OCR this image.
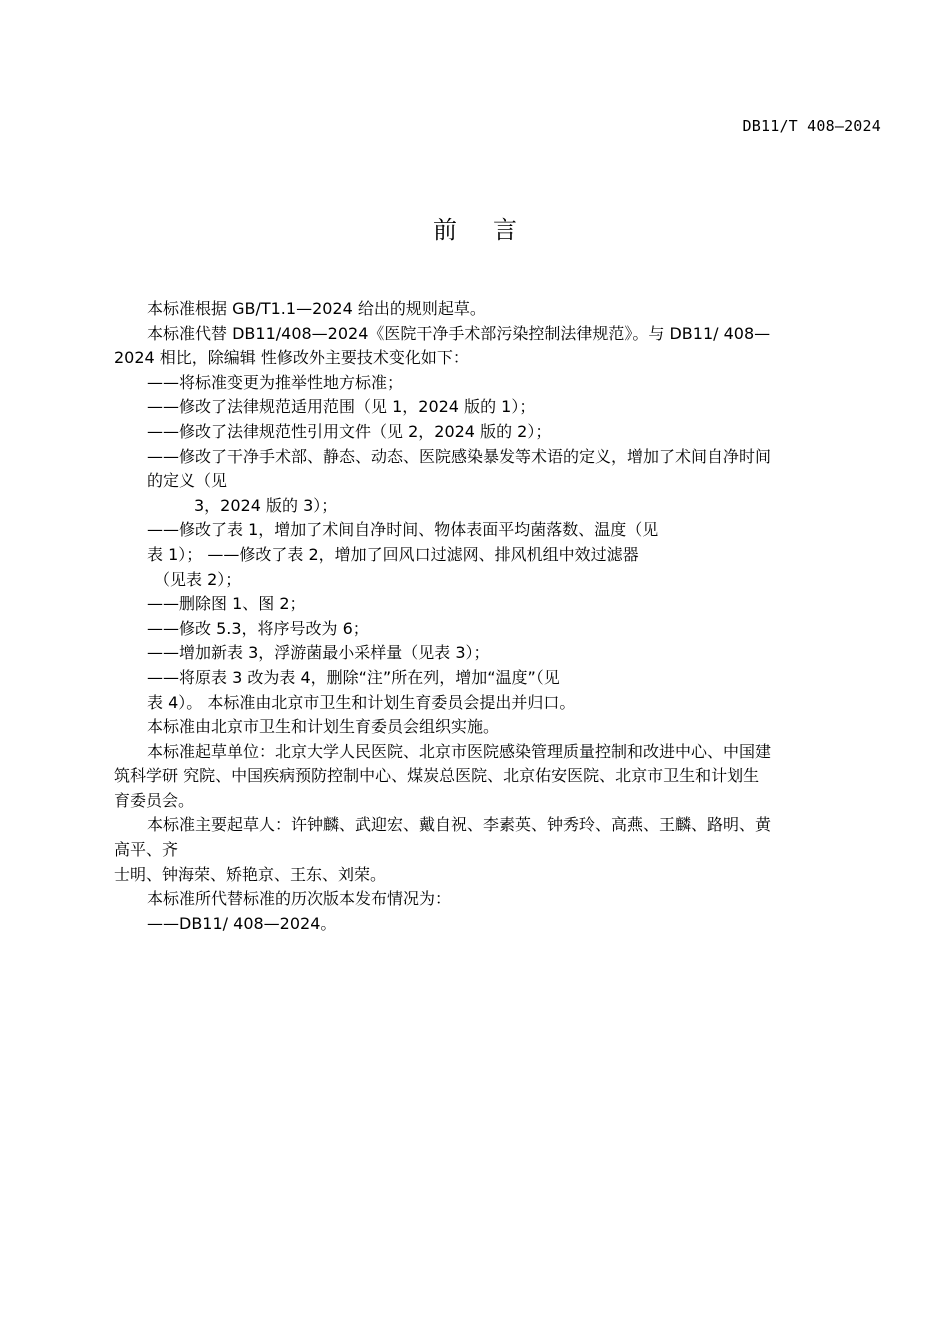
DB11/T 408—2024
前言
本标准根据 GB/T1.1—2024 给出的规则起草。
本标准代替 DB11/408—2024《医院干净手术部污染控制法律规范》。与 DB11/ 408—
2024 相比，除编辑 性修改外主要技术变化如下：
——将标准变更为推举性地方标准；
——修改了法律规范适用范围（见 1，2024 版的 1）；
——修改了法律规范性引用文件（见 2，2024 版的 2）；
——修改了干净手术部、静态、动态、医院感染暴发等术语的定义，增加了术间自净时间
的定义（见
3，2024 版的 3）；
——修改了表 1，增加了术间自净时间、物体表面平均菌落数、温度（见
表 1）； ——修改了表 2，增加了回风口过滤网、排风机组中效过滤器
（见表 2）；
——删除图 1、图 2；
——修改 5.3，将序号改为 6；
——增加新表 3，浮游菌最小采样量（见表 3）；
——将原表 3 改为表 4，删除“注”所在列，增加“温度”（见
表 4）。 本标准由北京市卫生和计划生育委员会提出并归口。
本标准由北京市卫生和计划生育委员会组织实施。
本标准起草单位：北京大学人民医院、北京市医院感染管理质量控制和改进中心、中国建
筑科学研 究院、中国疾病预防控制中心、煤炭总医院、北京佑安医院、北京市卫生和计划生
育委员会。
本标准主要起草人：许钟麟、武迎宏、戴自祝、李素英、钟秀玲、高燕、王麟、路明、黄
高平、齐
士明、钟海荣、矫艳京、王东、刘荣。
本标准所代替标准的历次版本发布情况为：
——DB11/ 408—2024。
